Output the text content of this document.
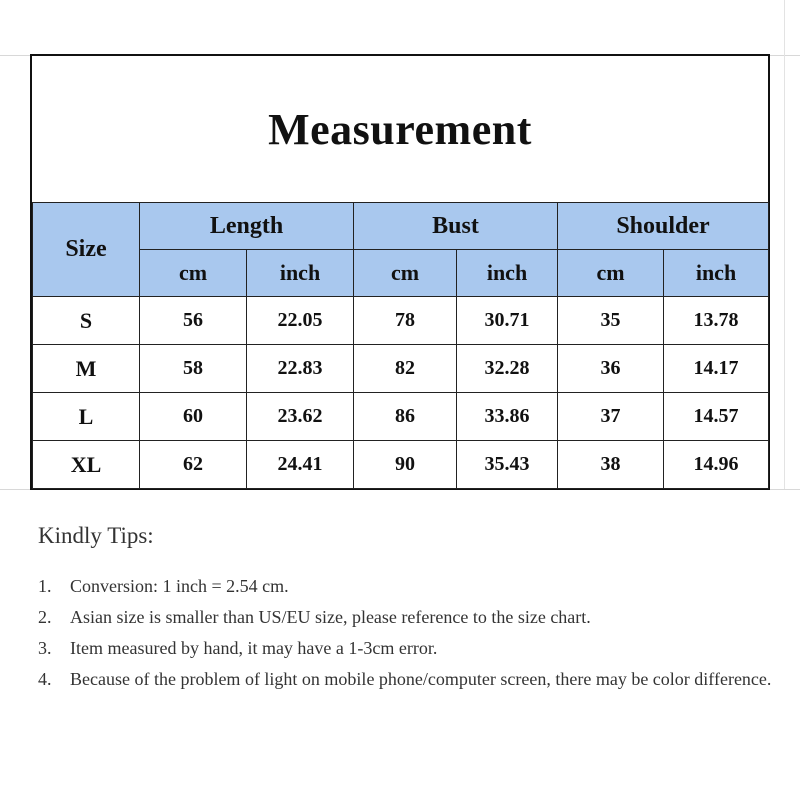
Measurement
Size	Length		Bust		Shoulder	
	cm	inch	cm	inch	cm	inch
S	56	22.05	78	30.71	35	13.78
M	58	22.83	82	32.28	36	14.17
L	60	23.62	86	33.86	37	14.57
XL	62	24.41	90	35.43	38	14.96
Kindly Tips:
1.	Conversion: 1 inch = 2.54 cm.
2.	Asian size is smaller than US/EU size, please reference to the size chart.
3.	Item measured by hand, it may have a 1-3cm error.
4.	Because of the problem of light on mobile phone/computer screen, there may be color difference.
